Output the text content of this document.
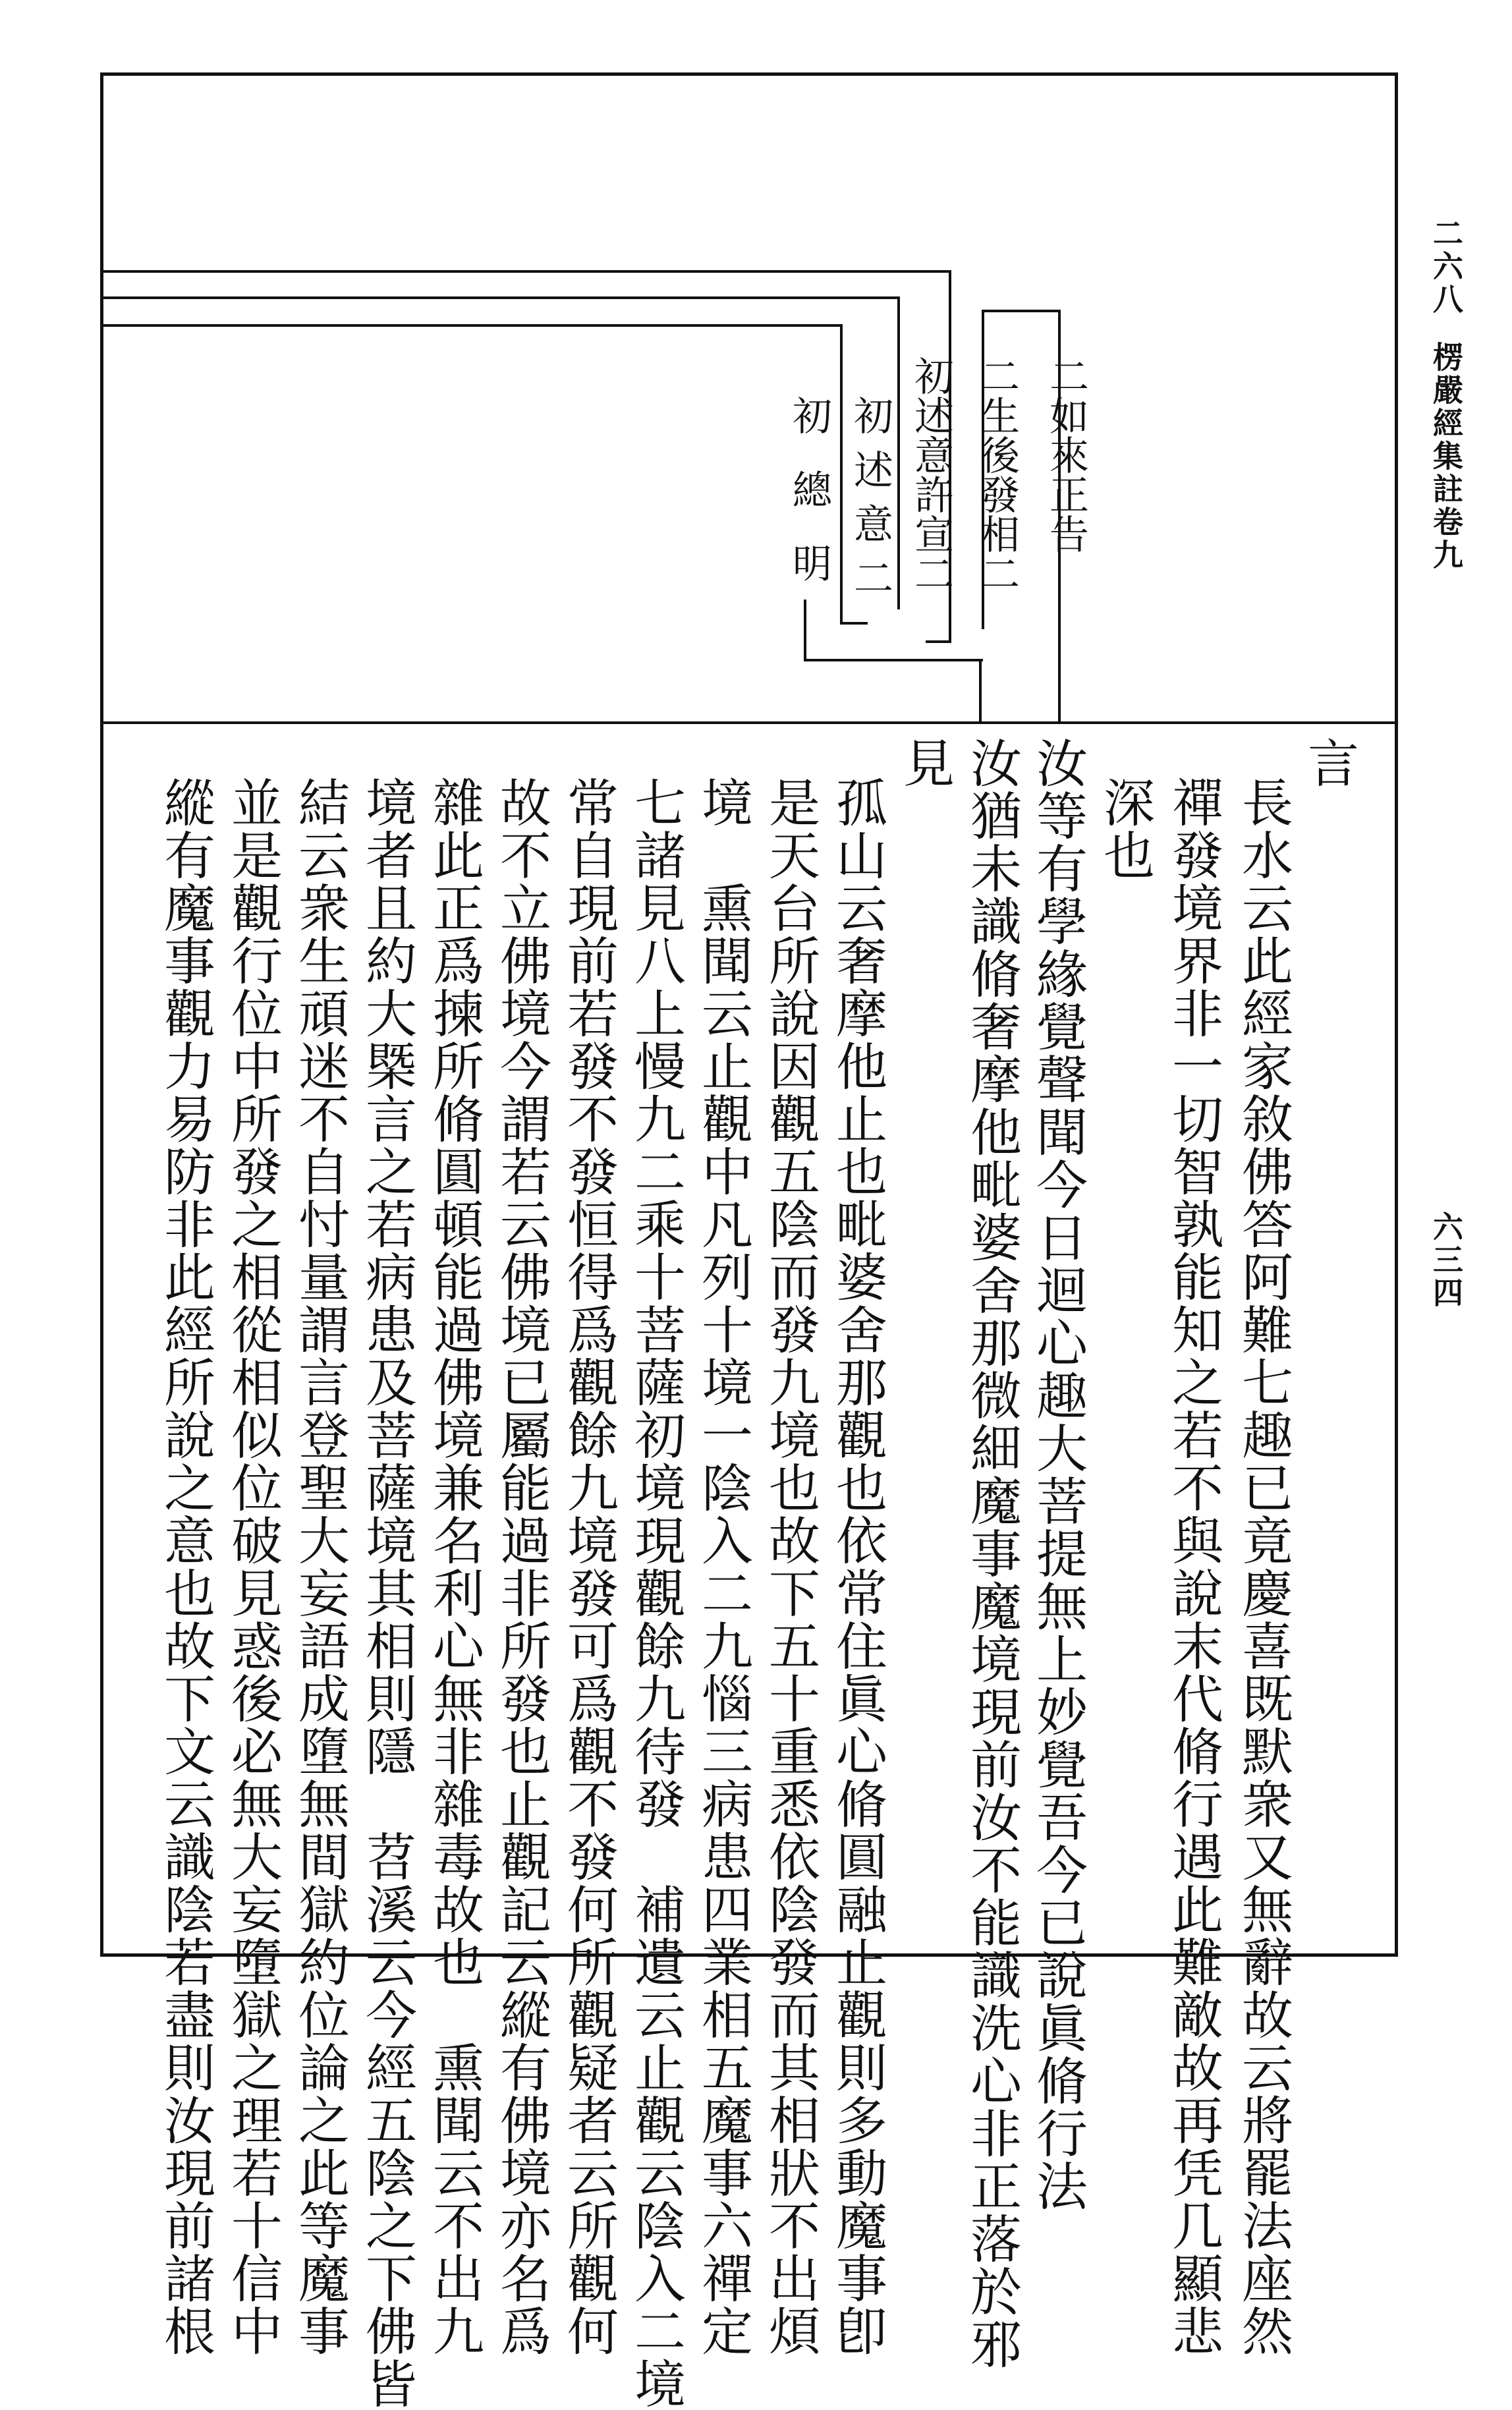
二六八
楞嚴經集註卷九
六三四
二如來正告
二生後發相二
初述意許宣二
初述意二
初總明
言
長水云此經家敘佛答阿難七趣已竟慶喜既默衆又無辭故云將罷法座然
禪發境界非一切智孰能知之若不與說末代脩行遇此難敵故再凭几顯悲
深也
汝等有學緣覺聲聞今日迴心趣大菩提無上妙覺吾今已說眞脩行法
汝猶未識脩奢摩他毗婆舍那微細魔事魔境現前汝不能識洗心非正落於邪
見
孤山云奢摩他止也毗婆舍那觀也依常住眞心脩圓融止觀則多動魔事卽
是天台所說因觀五陰而發九境也故下五十重悉依陰發而其相狀不出煩
境　熏聞云止觀中凡列十境一陰入二九惱三病患四業相五魔事六禪定
七諸見八上慢九二乘十菩薩初境現觀餘九待發　補遺云止觀云陰入二境
常自現前若發不發恒得爲觀餘九境發可爲觀不發何所觀疑者云所觀何
故不立佛境今謂若云佛境已屬能過非所發也止觀記云縱有佛境亦名爲
雜此正爲揀所脩圓頓能過佛境兼名利心無非雜毒故也　熏聞云不出九
境者且約大槩言之若病患及菩薩境其相則隱　苕溪云今經五陰之下佛皆
結云衆生頑迷不自忖量謂言登聖大妄語成墮無間獄約位論之此等魔事
並是觀行位中所發之相從相似位破見惑後必無大妄墮獄之理若十信中
縱有魔事觀力易防非此經所說之意也故下文云識陰若盡則汝現前諸根
